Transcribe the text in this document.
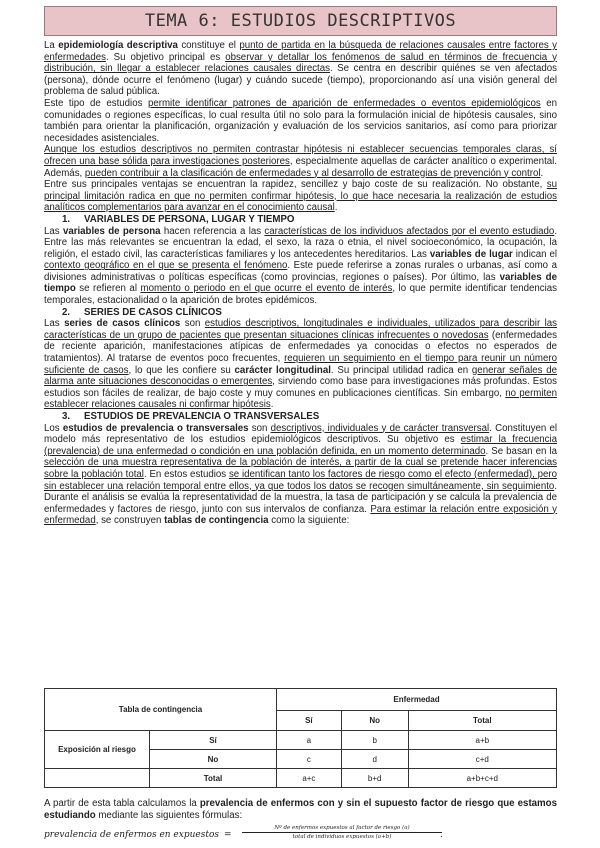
TEMA 6: ESTUDIOS DESCRIPTIVOS

La epidemiología descriptiva constituye el punto de partida en la búsqueda de relaciones causales entre factores y enfermedades. Su objetivo principal es observar y detallar los fenómenos de salud en términos de frecuencia y distribución, sin llegar a establecer relaciones causales directas. Se centra en describir quiénes se ven afectados (persona), dónde ocurre el fenómeno (lugar) y cuándo sucede (tiempo), proporcionando así una visión general del problema de salud pública.

Este tipo de estudios permite identificar patrones de aparición de enfermedades o eventos epidemiológicos en comunidades o regiones específicas, lo cual resulta útil no solo para la formulación inicial de hipótesis causales, sino también para orientar la planificación, organización y evaluación de los servicios sanitarios, así como para priorizar necesidades asistenciales.

Aunque los estudios descriptivos no permiten contrastar hipótesis ni establecer secuencias temporales claras, sí ofrecen una base sólida para investigaciones posteriores, especialmente aquellas de carácter analítico o experimental. Además, pueden contribuir a la clasificación de enfermedades y al desarrollo de estrategias de prevención y control.

Entre sus principales ventajas se encuentran la rapidez, sencillez y bajo coste de su realización. No obstante, su principal limitación radica en que no permiten confirmar hipótesis, lo que hace necesaria la realización de estudios analíticos complementarios para avanzar en el conocimiento causal.

1. VARIABLES DE PERSONA, LUGAR Y TIEMPO

Las variables de persona hacen referencia a las características de los individuos afectados por el evento estudiado. Entre las más relevantes se encuentran la edad, el sexo, la raza o etnia, el nivel socioeconómico, la ocupación, la religión, el estado civil, las características familiares y los antecedentes hereditarios. Las variables de lugar indican el contexto geográfico en el que se presenta el fenómeno. Este puede referirse a zonas rurales o urbanas, así como a divisiones administrativas o políticas específicas (como provincias, regiones o países). Por último, las variables de tiempo se refieren al momento o periodo en el que ocurre el evento de interés, lo que permite identificar tendencias temporales, estacionalidad o la aparición de brotes epidémicos.

2. SERIES DE CASOS CLÍNICOS

Las series de casos clínicos son estudios descriptivos, longitudinales e individuales, utilizados para describir las características de un grupo de pacientes que presentan situaciones clínicas infrecuentes o novedosas (enfermedades de reciente aparición, manifestaciones atípicas de enfermedades ya conocidas o efectos no esperados de tratamientos). Al tratarse de eventos poco frecuentes, requieren un seguimiento en el tiempo para reunir un número suficiente de casos, lo que les confiere su carácter longitudinal. Su principal utilidad radica en generar señales de alarma ante situaciones desconocidas o emergentes, sirviendo como base para investigaciones más profundas. Estos estudios son fáciles de realizar, de bajo coste y muy comunes en publicaciones científicas. Sin embargo, no permiten establecer relaciones causales ni confirmar hipótesis.

3. ESTUDIOS DE PREVALENCIA O TRANSVERSALES

Los estudios de prevalencia o transversales son descriptivos, individuales y de carácter transversal. Constituyen el modelo más representativo de los estudios epidemiológicos descriptivos. Su objetivo es estimar la frecuencia (prevalencia) de una enfermedad o condición en una población definida, en un momento determinado. Se basan en la selección de una muestra representativa de la población de interés, a partir de la cual se pretende hacer inferencias sobre la población total. En estos estudios se identifican tanto los factores de riesgo como el efecto (enfermedad), pero sin establecer una relación temporal entre ellos, ya que todos los datos se recogen simultáneamente, sin seguimiento. Durante el análisis se evalúa la representatividad de la muestra, la tasa de participación y se calcula la prevalencia de enfermedades y factores de riesgo, junto con sus intervalos de confianza. Para estimar la relación entre exposición y enfermedad, se construyen tablas de contingencia como la siguiente:

Tabla de contingencia		Enfermedad		
		Sí	No	Total
Exposición al riesgo	Sí	a	b	a+b
	No	c	d	c+d
	Total	a+c	b+d	a+b+c+d

A partir de esta tabla calculamos la prevalencia de enfermos con y sin el supuesto factor de riesgo que estamos estudiando mediante las siguientes fórmulas:

prevalencia de enfermos en expuestos =
Nº de enfermos expuestos al factor de riesgo (a)
total de individuos expuestos (a+b)	.
